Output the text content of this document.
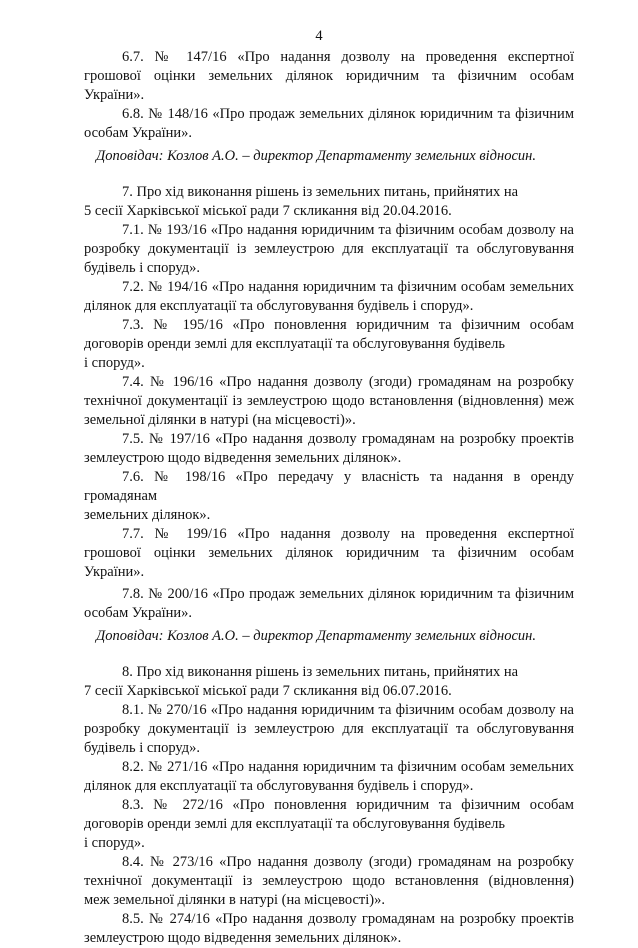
4
6.7. № 147/16 «Про надання дозволу на проведення експертної
грошової оцінки земельних ділянок юридичним та фізичним особам
України».
6.8. № 148/16 «Про продаж земельних ділянок юридичним та фізичним
особам України».
Доповідач: Козлов А.О. – директор Департаменту земельних відносин.
7. Про хід виконання рішень із земельних питань, прийнятих на
5 сесії Харківської міської ради 7 скликання від 20.04.2016.
7.1. № 193/16 «Про надання юридичним та фізичним особам дозволу на
розробку документації із землеустрою для експлуатації та обслуговування
будівель і споруд».
7.2. № 194/16 «Про надання юридичним та фізичним особам земельних
ділянок для експлуатації та обслуговування будівель і споруд».
7.3. № 195/16 «Про поновлення юридичним та фізичним особам
договорів оренди землі для експлуатації та обслуговування будівель
і споруд».
7.4. № 196/16 «Про надання дозволу (згоди) громадянам на розробку
технічної документації із землеустрою щодо встановлення (відновлення) меж
земельної ділянки в натурі (на місцевості)».
7.5. № 197/16 «Про надання дозволу громадянам на розробку проектів
землеустрою щодо відведення земельних ділянок».
7.6. № 198/16 «Про передачу у власність та надання в оренду громадянам
земельних ділянок».
7.7. № 199/16 «Про надання дозволу на проведення експертної
грошової оцінки земельних ділянок юридичним та фізичним особам
України».
7.8. № 200/16 «Про продаж земельних ділянок юридичним та фізичним
особам України».
Доповідач: Козлов А.О. – директор Департаменту земельних відносин.
8. Про хід виконання рішень із земельних питань, прийнятих на
7 сесії Харківської міської ради 7 скликання від 06.07.2016.
8.1. № 270/16 «Про надання юридичним та фізичним особам дозволу на
розробку документації із землеустрою для експлуатації та обслуговування
будівель і споруд».
8.2. № 271/16 «Про надання юридичним та фізичним особам земельних
ділянок для експлуатації та обслуговування будівель і споруд».
8.3. № 272/16 «Про поновлення юридичним та фізичним особам
договорів оренди землі для експлуатації та обслуговування будівель
і споруд».
8.4. № 273/16 «Про надання дозволу (згоди) громадянам на розробку
технічної документації із землеустрою щодо встановлення (відновлення)
меж земельної ділянки в натурі (на місцевості)».
8.5. № 274/16 «Про надання дозволу громадянам на розробку проектів
землеустрою щодо відведення земельних ділянок».
